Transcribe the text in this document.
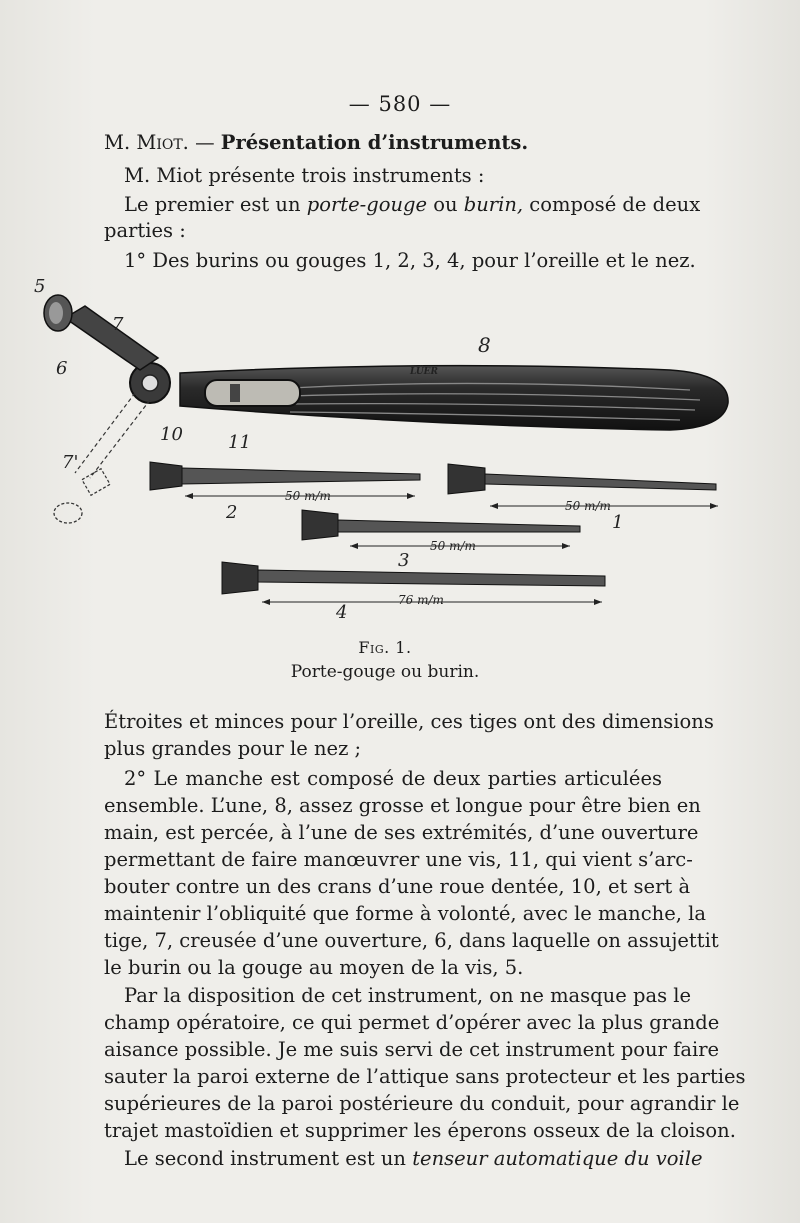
— 580 —
M. Miot. — Présentation d’instruments.
M. Miot présente trois instruments :
Le premier est un porte-gouge ou burin, composé de deux
parties :
1° Des burins ou gouges 1, 2, 3, 4, pour l’oreille et le nez.
LÜER
5
7
6
8
10	11
7'
50 m/m
2	50 m/m
1
50 m/m
3
76 m/m
4
Fig. 1.
Porte-gouge ou burin.
Étroites et minces pour l’oreille, ces tiges ont des dimensions
plus grandes pour le nez ;
2° Le manche est composé de deux parties articulées
ensemble. L’une, 8, assez grosse et longue pour être bien en
main, est percée, à l’une de ses extrémités, d’une ouverture
permettant de faire manœuvrer une vis, 11, qui vient s’arc-
bouter contre un des crans d’une roue dentée, 10, et sert à
maintenir l’obliquité que forme à volonté, avec le manche, la
tige, 7, creusée d’une ouverture, 6, dans laquelle on assujettit
le burin ou la gouge au moyen de la vis, 5.
Par la disposition de cet instrument, on ne masque pas le
champ opératoire, ce qui permet d’opérer avec la plus grande
aisance possible. Je me suis servi de cet instrument pour faire
sauter la paroi externe de l’attique sans protecteur et les parties
supérieures de la paroi postérieure du conduit, pour agrandir le
trajet mastoïdien et supprimer les éperons osseux de la cloison.
Le second instrument est un tenseur automatique du voile
